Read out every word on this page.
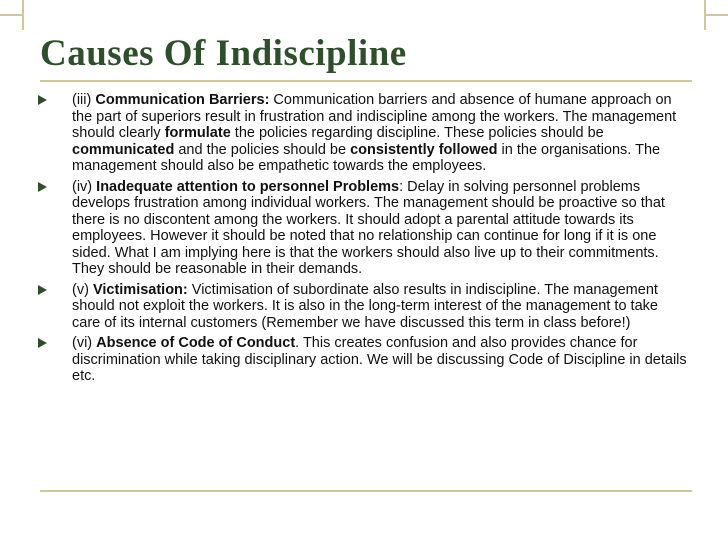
Causes Of Indiscipline
(iii) Communication Barriers: Communication barriers and absence of humane approach on the part of superiors result in frustration and indiscipline among the workers. The management should clearly formulate the policies regarding discipline. These policies should be communicated and the policies should be consistently followed in the organisations. The management should also be empathetic towards the employees.
(iv) Inadequate attention to personnel Problems: Delay in solving personnel problems develops frustration among individual workers. The management should be proactive so that there is no discontent among the workers. It should adopt a parental attitude towards its employees. However it should be noted that no relationship can continue for long if it is one sided. What I am implying here is that the workers should also live up to their commitments. They should be reasonable in their demands.
(v) Victimisation: Victimisation of subordinate also results in indiscipline. The management should not exploit the workers. It is also in the long-term interest of the management to take care of its internal customers (Remember we have discussed this term in class before!)
(vi) Absence of Code of Conduct. This creates confusion and also provides chance for discrimination while taking disciplinary action. We will be discussing Code of Discipline in details etc.
